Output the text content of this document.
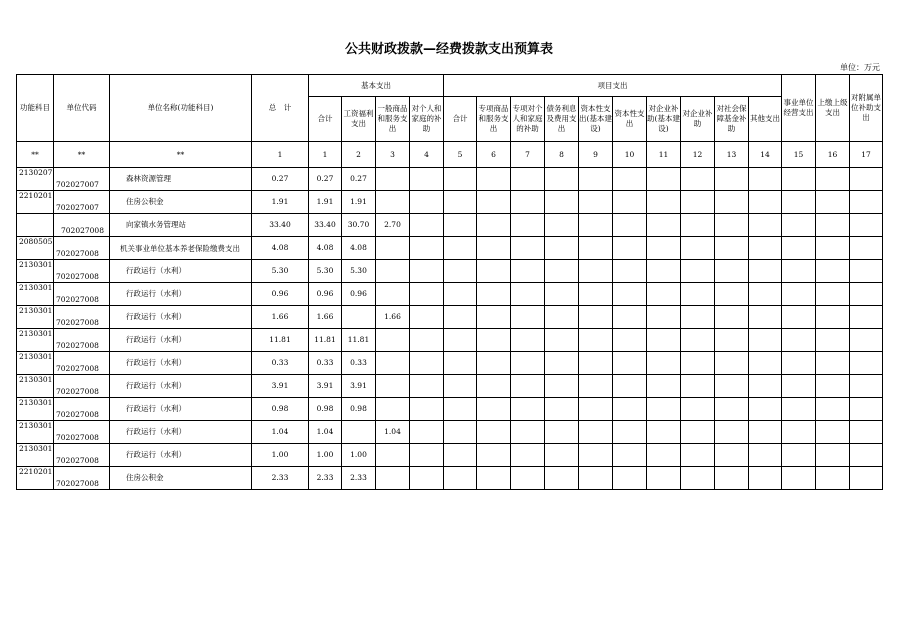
公共财政拨款—经费拨款支出预算表
单位：万元
功能科目	单位代码	单位名称(功能科目)	总　计	基本支出				项目支出										事业单位经营支出	上缴上级支出	对附属单位补助支出
				合计	工资福利支出	一般商品和服务支出	对个人和家庭的补助	合计	专项商品和服务支出	专项对个人和家庭的补助	债务利息及费用支出	资本性支出(基本建设)	资本性支出	对企业补助(基本建设)	对企业补助	对社会保障基金补助	其他支出			
**	**	**	1	1	2	3	4	5	6	7	8	9	10	11	12	13	14	15	16	17
2130207	702027007	森林资源管理	0.27	0.27	0.27															
2210201	702027007	住房公积金	1.91	1.91	1.91															
	702027008	向家镇水务管理站	33.40	33.40	30.70	2.70														
2080505	702027008	机关事业单位基本养老保险缴费支出	4.08	4.08	4.08															
2130301	702027008	行政运行（水利）	5.30	5.30	5.30															
2130301	702027008	行政运行（水利）	0.96	0.96	0.96															
2130301	702027008	行政运行（水利）	1.66	1.66		1.66														
2130301	702027008	行政运行（水利）	11.81	11.81	11.81															
2130301	702027008	行政运行（水利）	0.33	0.33	0.33															
2130301	702027008	行政运行（水利）	3.91	3.91	3.91															
2130301	702027008	行政运行（水利）	0.98	0.98	0.98															
2130301	702027008	行政运行（水利）	1.04	1.04		1.04														
2130301	702027008	行政运行（水利）	1.00	1.00	1.00															
2210201	702027008	住房公积金	2.33	2.33	2.33															
